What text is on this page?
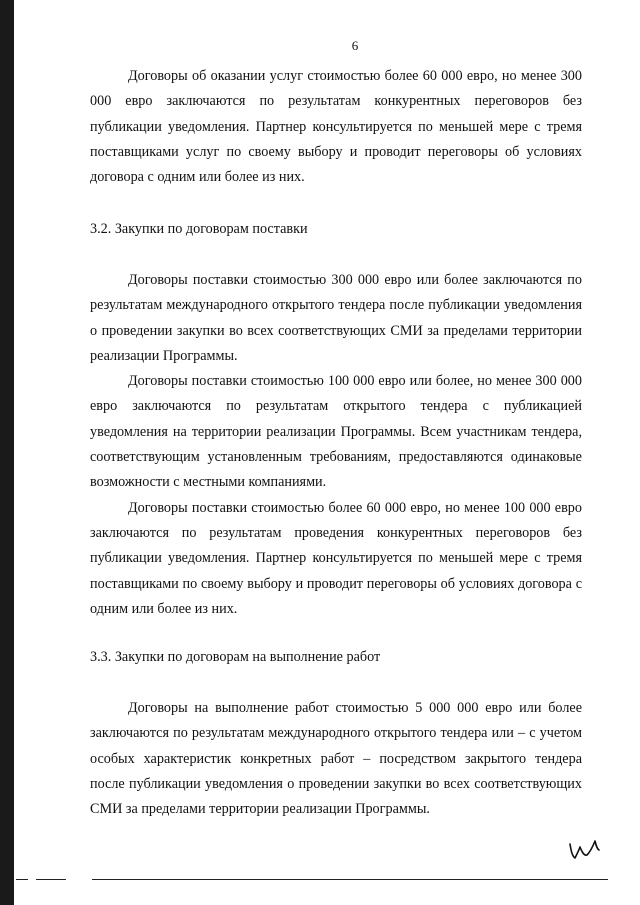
6

Договоры об оказании услуг стоимостью более 60 000 евро, но менее 300 000 евро заключаются по результатам конкурентных переговоров без публикации уведомления. Партнер консультируется по меньшей мере с тремя поставщиками услуг по своему выбору и проводит переговоры об условиях договора с одним или более из них.

3.2. Закупки по договорам поставки

Договоры поставки стоимостью 300 000 евро или более заключаются по результатам международного открытого тендера после публикации уведомления о проведении закупки во всех соответствующих СМИ за пределами территории реализации Программы.

Договоры поставки стоимостью 100 000 евро или более, но менее 300 000 евро заключаются по результатам открытого тендера с публикацией уведомления на территории реализации Программы. Всем участникам тендера, соответствующим установленным требованиям, предоставляются одинаковые возможности с местными компаниями.

Договоры поставки стоимостью более 60 000 евро, но менее 100 000 евро заключаются по результатам проведения конкурентных переговоров без публикации уведомления. Партнер консультируется по меньшей мере с тремя поставщиками по своему выбору и проводит переговоры об условиях договора с одним или более из них.

3.3. Закупки по договорам на выполнение работ

Договоры на выполнение работ стоимостью 5 000 000 евро или более заключаются по результатам международного открытого тендера или – с учетом особых характеристик конкретных работ – посредством закрытого тендера после публикации уведомления о проведении закупки во всех соответствующих СМИ за пределами территории реализации Программы.
